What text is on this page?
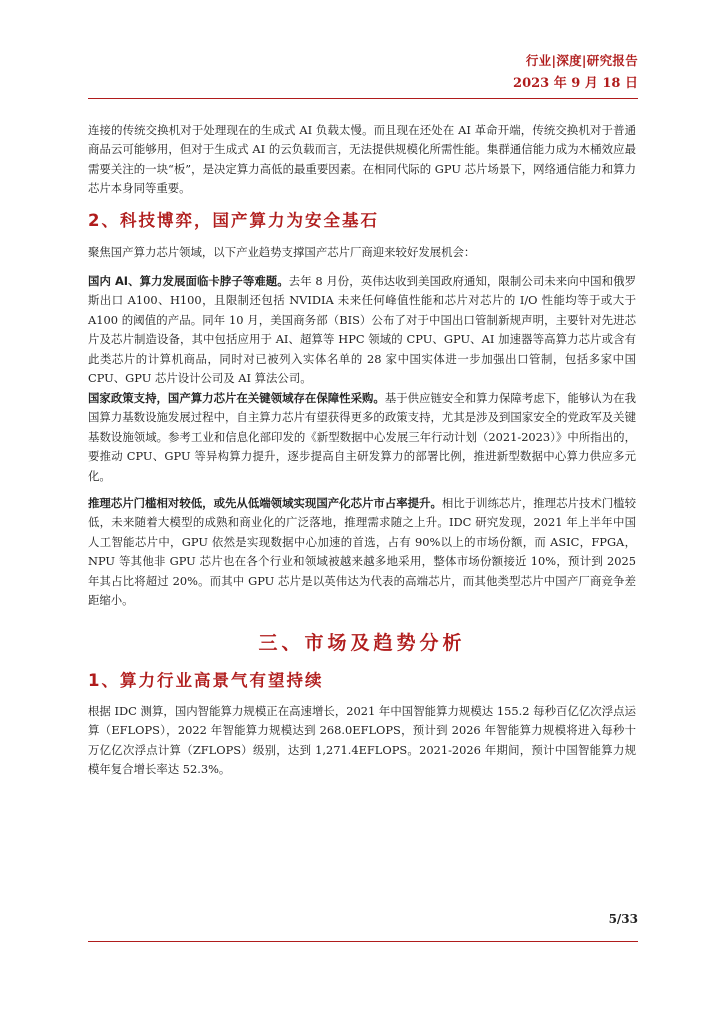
行业|深度|研究报告
2023 年 9 月 18 日

连接的传统交换机对于处理现在的生成式 AI 负载太慢。而且现在还处在 AI 革命开端，传统交换机对于普通商品云可能够用，但对于生成式 AI 的云负载而言，无法提供规模化所需性能。集群通信能力成为木桶效应最需要关注的一块“板”，是决定算力高低的最重要因素。在相同代际的 GPU 芯片场景下，网络通信能力和算力芯片本身同等重要。

2、科技博弈，国产算力为安全基石

聚焦国产算力芯片领域，以下产业趋势支撑国产芯片厂商迎来较好发展机会：

国内 AI、算力发展面临卡脖子等难题。去年 8 月份，英伟达收到美国政府通知，限制公司未来向中国和俄罗斯出口 A100、H100，且限制还包括 NVIDIA 未来任何峰值性能和芯片对芯片的 I/O 性能均等于或大于 A100 的阈值的产品。同年 10 月，美国商务部（BIS）公布了对于中国出口管制新规声明，主要针对先进芯片及芯片制造设备，其中包括应用于 AI、超算等 HPC 领域的 CPU、GPU、AI 加速器等高算力芯片或含有此类芯片的计算机商品，同时对已被列入实体名单的 28 家中国实体进一步加强出口管制，包括多家中国 CPU、GPU 芯片设计公司及 AI 算法公司。

国家政策支持，国产算力芯片在关键领域存在保障性采购。基于供应链安全和算力保障考虑下，能够认为在我国算力基数设施发展过程中，自主算力芯片有望获得更多的政策支持，尤其是涉及到国家安全的党政军及关键基数设施领域。参考工业和信息化部印发的《新型数据中心发展三年行动计划（2021-2023）》中所指出的，要推动 CPU、GPU 等异构算力提升，逐步提高自主研发算力的部署比例，推进新型数据中心算力供应多元化。

推理芯片门槛相对较低，或先从低端领域实现国产化芯片市占率提升。相比于训练芯片，推理芯片技术门槛较低，未来随着大模型的成熟和商业化的广泛落地，推理需求随之上升。IDC 研究发现，2021 年上半年中国人工智能芯片中，GPU 依然是实现数据中心加速的首选，占有 90%以上的市场份额，而 ASIC，FPGA，NPU 等其他非 GPU 芯片也在各个行业和领域被越来越多地采用，整体市场份额接近 10%，预计到 2025 年其占比将超过 20%。而其中 GPU 芯片是以英伟达为代表的高端芯片，而其他类型芯片中国产厂商竞争差距缩小。

三、市场及趋势分析
1、算力行业高景气有望持续

根据 IDC 测算，国内智能算力规模正在高速增长，2021 年中国智能算力规模达 155.2 每秒百亿亿次浮点运算（EFLOPS），2022 年智能算力规模达到 268.0EFLOPS，预计到 2026 年智能算力规模将进入每秒十万亿亿次浮点计算（ZFLOPS）级别，达到 1,271.4EFLOPS。2021-2026 年期间，预计中国智能算力规模年复合增长率达 52.3%。

5/33
